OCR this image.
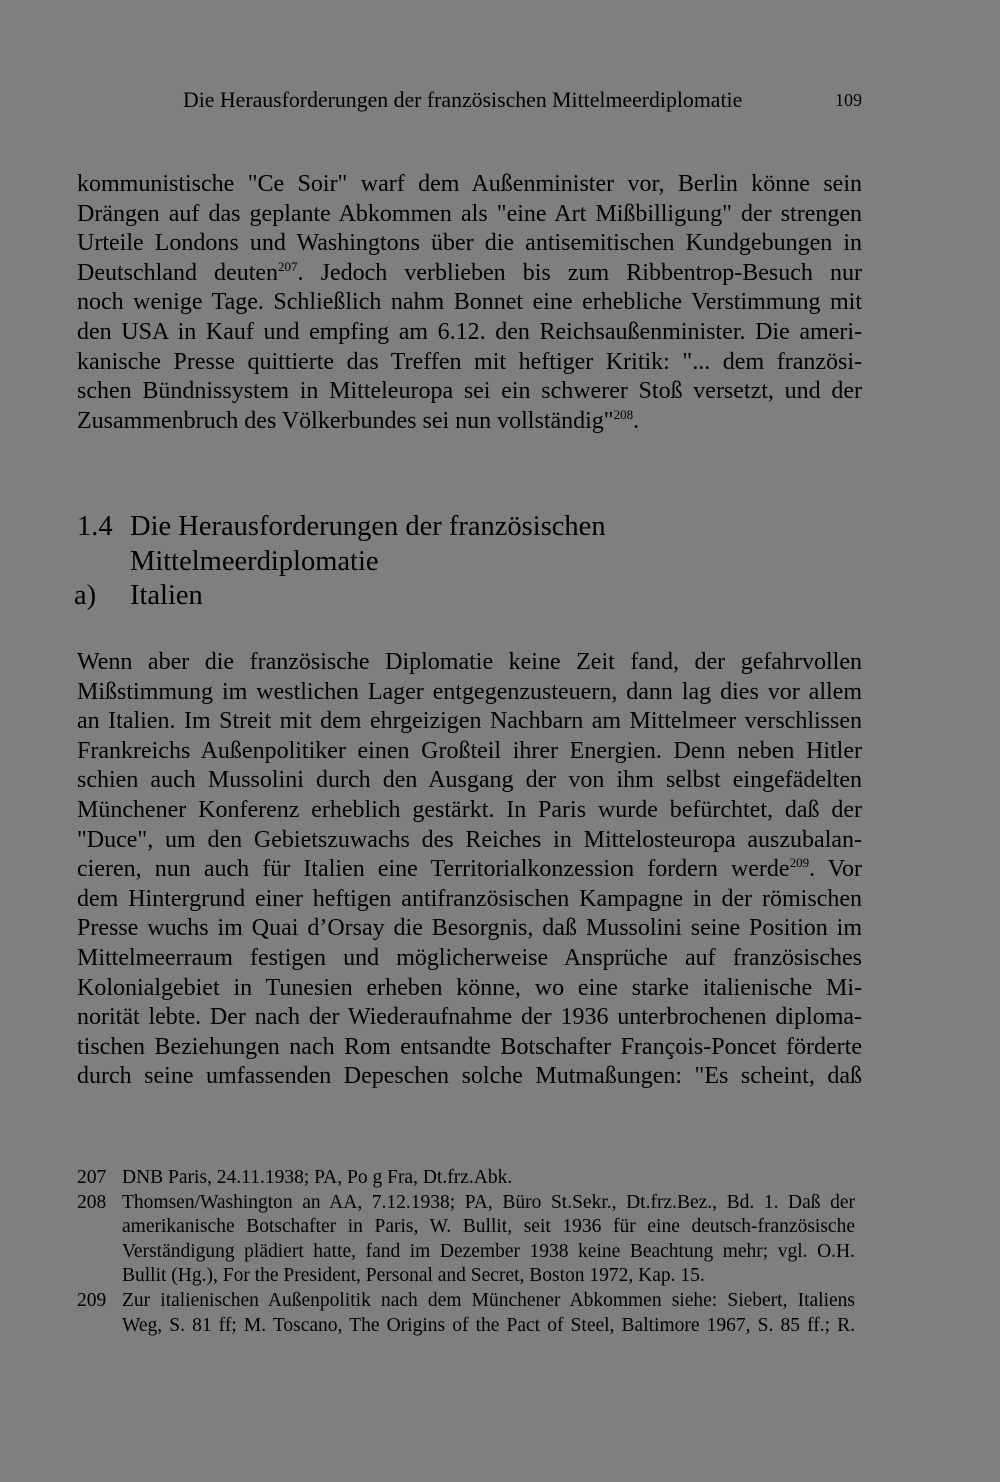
Die Herausforderungen der französischen Mittelmeerdiplomatie	109
kommunistische "Ce Soir" warf dem Außenminister vor, Berlin könne sein
Drängen auf das geplante Abkommen als "eine Art Mißbilligung" der strengen
Urteile Londons und Washingtons über die antisemitischen Kundgebungen in
Deutschland deuten$^{207}$. Jedoch verblieben bis zum Ribbentrop-Besuch nur
noch wenige Tage. Schließlich nahm Bonnet eine erhebliche Verstimmung mit
den USA in Kauf und empfing am 6.12. den Reichsaußenminister. Die ameri-
kanische Presse quittierte das Treffen mit heftiger Kritik: "... dem französi-
schen Bündnissystem in Mitteleuropa sei ein schwerer Stoß versetzt, und der
Zusammenbruch des Völkerbundes sei nun vollständig"$^{208}$.
1.4 Die Herausforderungen der französischen
Mittelmeerdiplomatie
a) Italien
Wenn aber die französische Diplomatie keine Zeit fand, der gefahrvollen
Mißstimmung im westlichen Lager entgegenzusteuern, dann lag dies vor allem
an Italien. Im Streit mit dem ehrgeizigen Nachbarn am Mittelmeer verschlissen
Frankreichs Außenpolitiker einen Großteil ihrer Energien. Denn neben Hitler
schien auch Mussolini durch den Ausgang der von ihm selbst eingefädelten
Münchener Konferenz erheblich gestärkt. In Paris wurde befürchtet, daß der
"Duce", um den Gebietszuwachs des Reiches in Mittelosteuropa auszubalan-
cieren, nun auch für Italien eine Territorialkonzession fordern werde$^{209}$. Vor
dem Hintergrund einer heftigen antifranzösischen Kampagne in der römischen
Presse wuchs im Quai d’Orsay die Besorgnis, daß Mussolini seine Position im
Mittelmeerraum festigen und möglicherweise Ansprüche auf französisches
Kolonialgebiet in Tunesien erheben könne, wo eine starke italienische Mi-
norität lebte. Der nach der Wiederaufnahme der 1936 unterbrochenen diploma-
tischen Beziehungen nach Rom entsandte Botschafter François-Poncet förderte
durch seine umfassenden Depeschen solche Mutmaßungen: "Es scheint, daß
207 DNB Paris, 24.11.1938; PA, Po g Fra, Dt.frz.Abk.
208 Thomsen/Washington an AA, 7.12.1938; PA, Büro St.Sekr., Dt.frz.Bez., Bd. 1. Daß der
amerikanische Botschafter in Paris, W. Bullit, seit 1936 für eine deutsch-französische
Verständigung plädiert hatte, fand im Dezember 1938 keine Beachtung mehr; vgl. O.H.
Bullit (Hg.), For the President, Personal and Secret, Boston 1972, Kap. 15.
209 Zur italienischen Außenpolitik nach dem Münchener Abkommen siehe: Siebert, Italiens
Weg, S. 81 ff; M. Toscano, The Origins of the Pact of Steel, Baltimore 1967, S. 85 ff.; R.
